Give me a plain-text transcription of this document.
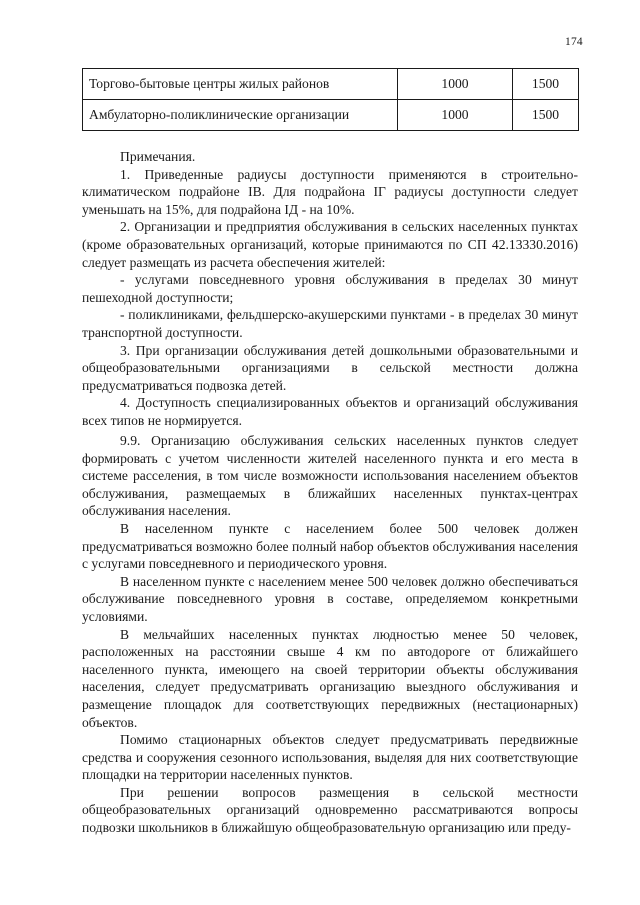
174
Торгово-бытовые центры жилых районов	1000	1500
Амбулаторно-поликлинические организации	1000	1500

Примечания.

1. Приведенные радиусы доступности применяются в строительно-климатическом подрайоне IВ. Для подрайона IГ радиусы доступности следует уменьшать на 15%, для подрайона IД - на 10%.

2. Организации и предприятия обслуживания в сельских населенных пунктах (кроме образовательных организаций, которые принимаются по СП 42.13330.2016) следует размещать из расчета обеспечения жителей:

- услугами повседневного уровня обслуживания в пределах 30 минут пешеходной доступности;

- поликлиниками, фельдшерско-акушерскими пунктами - в пределах 30 минут транспортной доступности.

3. При организации обслуживания детей дошкольными образовательными и общеобразовательными организациями в сельской местности должна предусматриваться подвозка детей.

4. Доступность специализированных объектов и организаций обслуживания всех типов не нормируется.

9.9. Организацию обслуживания сельских населенных пунктов следует формировать с учетом численности жителей населенного пункта и его места в системе расселения, в том числе возможности использования населением объектов обслуживания, размещаемых в ближайших населенных пунктах-центрах обслуживания населения.

В населенном пункте с населением более 500 человек должен предусматриваться возможно более полный набор объектов обслуживания населения с услугами повседневного и периодического уровня.

В населенном пункте с населением менее 500 человек должно обеспечиваться обслуживание повседневного уровня в составе, определяемом конкретными условиями.

В мельчайших населенных пунктах людностью менее 50 человек, расположенных на расстоянии свыше 4 км по автодороге от ближайшего населенного пункта, имеющего на своей территории объекты обслуживания населения, следует предусматривать организацию выездного обслуживания и размещение площадок для соответствующих передвижных (нестационарных) объектов.

Помимо стационарных объектов следует предусматривать передвижные средства и сооружения сезонного использования, выделяя для них соответствующие площадки на территории населенных пунктов.

При решении вопросов размещения в сельской местности общеобразовательных организаций одновременно рассматриваются вопросы подвозки школьников в ближайшую общеобразовательную организацию или преду-
